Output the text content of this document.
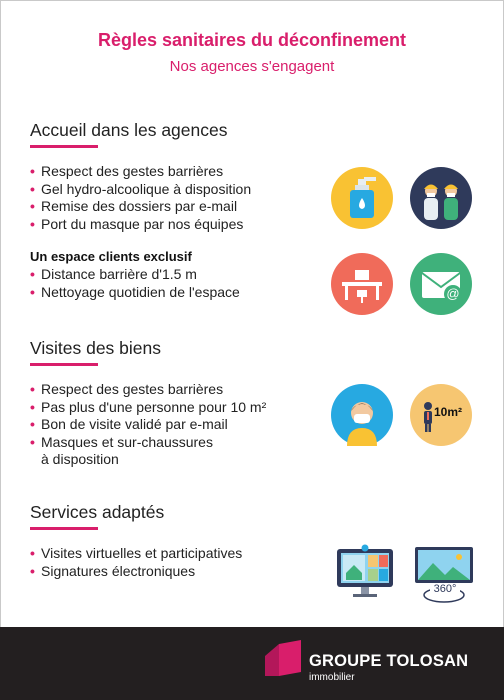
Règles sanitaires du déconfinement
Nos agences s'engagent
Accueil dans les agences
• Respect des gestes barrières
• Gel hydro-alcoolique à disposition
• Remise des dossiers par e-mail
• Port du masque par nos équipes
Un espace clients exclusif
• Distance barrière d'1.5 m
• Nettoyage quotidien de l'espace	@
Visites des biens
• Respect des gestes barrières
• Pas plus d'une personne pour 10 m²
• Bon de visite validé par e-mail
• Masques et sur-chaussures
à disposition
10m²
Services adaptés
• Visites virtuelles et participatives
• Signatures électroniques
360°
GROUPE TOLOSAN
immobilier
